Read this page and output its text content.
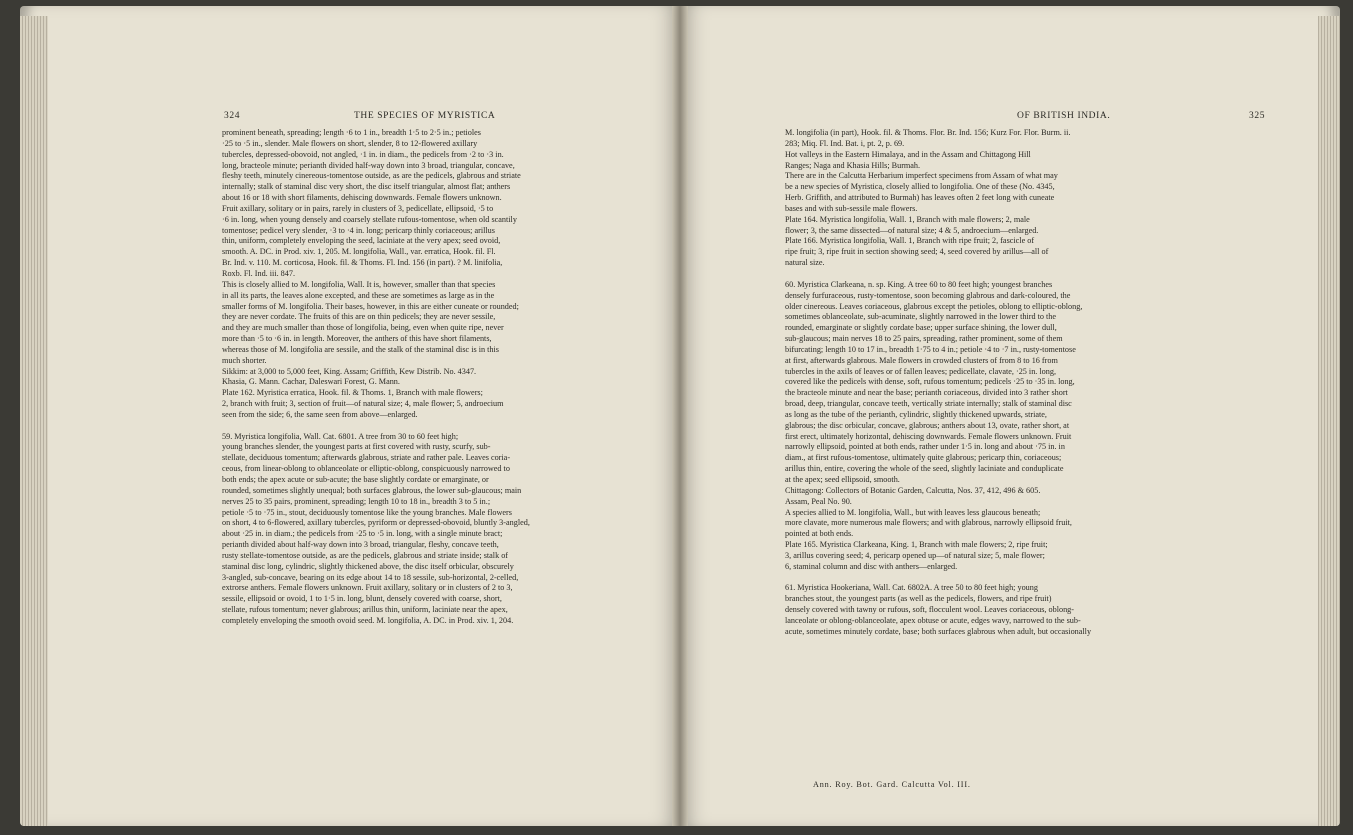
324	THE SPECIES OF MYRISTICA

prominent beneath, spreading; length ·6 to 1 in., breadth 1·5 to 2·5 in.; petioles

·25 to ·5 in., slender. Male flowers on short, slender, 8 to 12-flowered axillary

tubercles, depressed-obovoid, not angled, ·1 in. in diam., the pedicels from ·2 to ·3 in.

long, bracteole minute; perianth divided half-way down into 3 broad, triangular, concave,

fleshy teeth, minutely cinereous-tomentose outside, as are the pedicels, glabrous and striate

internally; stalk of staminal disc very short, the disc itself triangular, almost flat; anthers

about 16 or 18 with short filaments, dehiscing downwards. Female flowers unknown.

Fruit axillary, solitary or in pairs, rarely in clusters of 3, pedicellate, ellipsoid, ·5 to

·6 in. long, when young densely and coarsely stellate rufous-tomentose, when old scantily

tomentose; pedicel very slender, ·3 to ·4 in. long; pericarp thinly coriaceous; arillus

thin, uniform, completely enveloping the seed, laciniate at the very apex; seed ovoid,

smooth. A. DC. in Prod. xiv. 1, 205. M. longifolia, Wall., var. erratica, Hook. fil. Fl.

Br. Ind. v. 110. M. corticosa, Hook. fil. & Thoms. Fl. Ind. 156 (in part). ? M. linifolia,

Roxb. Fl. Ind. iii. 847.

This is closely allied to M. longifolia, Wall. It is, however, smaller than that species

in all its parts, the leaves alone excepted, and these are sometimes as large as in the

smaller forms of M. longifolia. Their bases, however, in this are either cuneate or rounded;

they are never cordate. The fruits of this are on thin pedicels; they are never sessile,

and they are much smaller than those of longifolia, being, even when quite ripe, never

more than ·5 to ·6 in. in length. Moreover, the anthers of this have short filaments,

whereas those of M. longifolia are sessile, and the stalk of the staminal disc is in this

much shorter.

Sikkim: at 3,000 to 5,000 feet, King. Assam; Griffith, Kew Distrib. No. 4347.

Khasia, G. Mann. Cachar, Daleswari Forest, G. Mann.

Plate 162. Myristica erratica, Hook. fil. & Thoms. 1, Branch with male flowers;

2, branch with fruit; 3, section of fruit—of natural size; 4, male flower; 5, androecium

seen from the side; 6, the same seen from above—enlarged.

59. Myristica longifolia, Wall. Cat. 6801. A tree from 30 to 60 feet high;

young branches slender, the youngest parts at first covered with rusty, scurfy, sub-

stellate, deciduous tomentum; afterwards glabrous, striate and rather pale. Leaves coria-

ceous, from linear-oblong to oblanceolate or elliptic-oblong, conspicuously narrowed to

both ends; the apex acute or sub-acute; the base slightly cordate or emarginate, or

rounded, sometimes slightly unequal; both surfaces glabrous, the lower sub-glaucous; main

nerves 25 to 35 pairs, prominent, spreading; length 10 to 18 in., breadth 3 to 5 in.;

petiole ·5 to ·75 in., stout, deciduously tomentose like the young branches. Male flowers

on short, 4 to 6-flowered, axillary tubercles, pyriform or depressed-obovoid, bluntly 3-angled,

about ·25 in. in diam.; the pedicels from ·25 to ·5 in. long, with a single minute bract;

perianth divided about half-way down into 3 broad, triangular, fleshy, concave teeth,

rusty stellate-tomentose outside, as are the pedicels, glabrous and striate inside; stalk of

staminal disc long, cylindric, slightly thickened above, the disc itself orbicular, obscurely

3-angled, sub-concave, bearing on its edge about 14 to 18 sessile, sub-horizontal, 2-celled,

extrorse anthers. Female flowers unknown. Fruit axillary, solitary or in clusters of 2 to 3,

sessile, ellipsoid or ovoid, 1 to 1·5 in. long, blunt, densely covered with coarse, short,

stellate, rufous tomentum; never glabrous; arillus thin, uniform, laciniate near the apex,

completely enveloping the smooth ovoid seed. M. longifolia, A. DC. in Prod. xiv. 1, 204.

OF BRITISH INDIA.	325

M. longifolia (in part), Hook. fil. & Thoms. Flor. Br. Ind. 156; Kurz For. Flor. Burm. ii.

283; Miq. Fl. Ind. Bat. i, pt. 2, p. 69.

Hot valleys in the Eastern Himalaya, and in the Assam and Chittagong Hill

Ranges; Naga and Khasia Hills; Burmah.

There are in the Calcutta Herbarium imperfect specimens from Assam of what may

be a new species of Myristica, closely allied to longifolia. One of these (No. 4345,

Herb. Griffith, and attributed to Burmah) has leaves often 2 feet long with cuneate

bases and with sub-sessile male flowers.

Plate 164. Myristica longifolia, Wall. 1, Branch with male flowers; 2, male

flower; 3, the same dissected—of natural size; 4 & 5, androecium—enlarged.

Plate 166. Myristica longifolia, Wall. 1, Branch with ripe fruit; 2, fascicle of

ripe fruit; 3, ripe fruit in section showing seed; 4, seed covered by arillus—all of

natural size.

60. Myristica Clarkeana, n. sp. King. A tree 60 to 80 feet high; youngest branches

densely furfuraceous, rusty-tomentose, soon becoming glabrous and dark-coloured, the

older cinereous. Leaves coriaceous, glabrous except the petioles, oblong to elliptic-oblong,

sometimes oblanceolate, sub-acuminate, slightly narrowed in the lower third to the

rounded, emarginate or slightly cordate base; upper surface shining, the lower dull,

sub-glaucous; main nerves 18 to 25 pairs, spreading, rather prominent, some of them

bifurcating; length 10 to 17 in., breadth 1·75 to 4 in.; petiole ·4 to ·7 in., rusty-tomentose

at first, afterwards glabrous. Male flowers in crowded clusters of from 8 to 16 from

tubercles in the axils of leaves or of fallen leaves; pedicellate, clavate, ·25 in. long,

covered like the pedicels with dense, soft, rufous tomentum; pedicels ·25 to ·35 in. long,

the bracteole minute and near the base; perianth coriaceous, divided into 3 rather short

broad, deep, triangular, concave teeth, vertically striate internally; stalk of staminal disc

as long as the tube of the perianth, cylindric, slightly thickened upwards, striate,

glabrous; the disc orbicular, concave, glabrous; anthers about 13, ovate, rather short, at

first erect, ultimately horizontal, dehiscing downwards. Female flowers unknown. Fruit

narrowly ellipsoid, pointed at both ends, rather under 1·5 in. long and about ·75 in. in

diam., at first rufous-tomentose, ultimately quite glabrous; pericarp thin, coriaceous;

arillus thin, entire, covering the whole of the seed, slightly laciniate and conduplicate

at the apex; seed ellipsoid, smooth.

Chittagong: Collectors of Botanic Garden, Calcutta, Nos. 37, 412, 496 & 605.

Assam, Peal No. 90.

A species allied to M. longifolia, Wall., but with leaves less glaucous beneath;

more clavate, more numerous male flowers; and with glabrous, narrowly ellipsoid fruit,

pointed at both ends.

Plate 165. Myristica Clarkeana, King. 1, Branch with male flowers; 2, ripe fruit;

3, arillus covering seed; 4, pericarp opened up—of natural size; 5, male flower;

6, staminal column and disc with anthers—enlarged.

61. Myristica Hookeriana, Wall. Cat. 6802A. A tree 50 to 80 feet high; young

branches stout, the youngest parts (as well as the pedicels, flowers, and ripe fruit)

densely covered with tawny or rufous, soft, flocculent wool. Leaves coriaceous, oblong-

lanceolate or oblong-oblanceolate, apex obtuse or acute, edges wavy, narrowed to the sub-

acute, sometimes minutely cordate, base; both surfaces glabrous when adult, but occasionally

Ann. Roy. Bot. Gard. Calcutta Vol. III.
